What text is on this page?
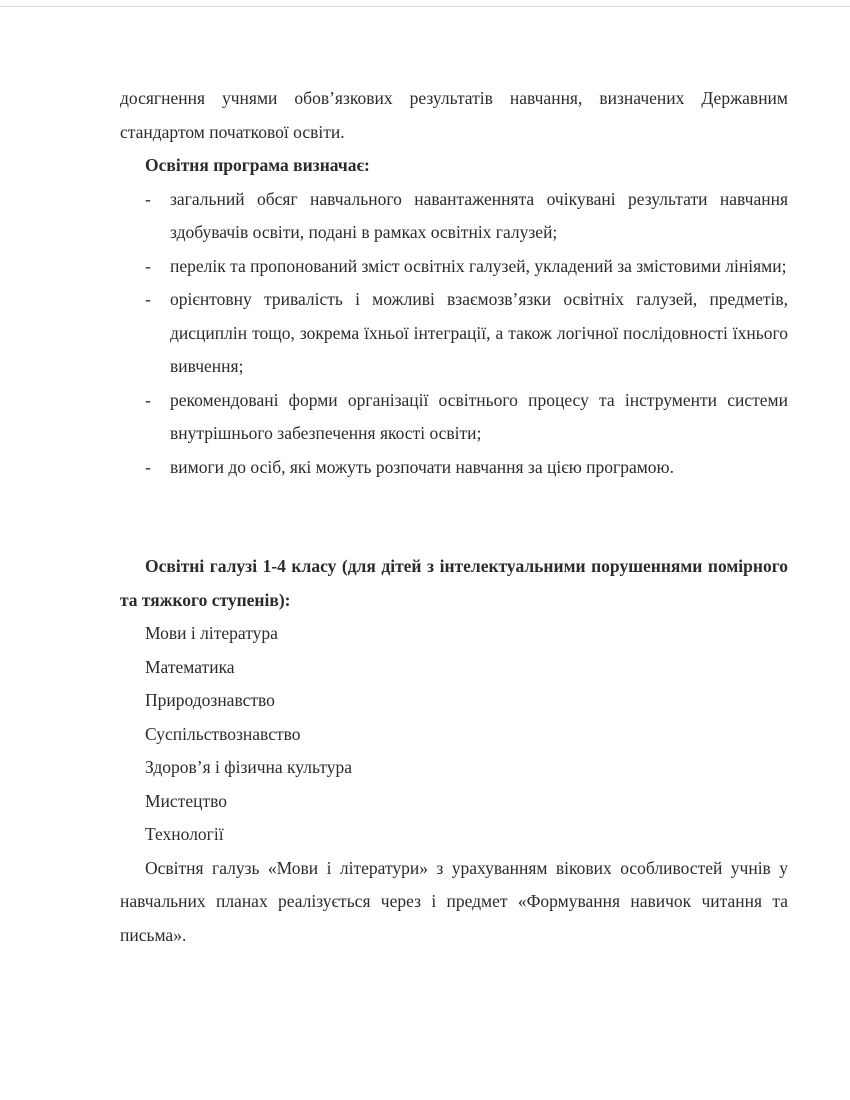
досягнення учнями обов’язкових результатів навчання, визначених Державним стандартом початкової освіти.

Освітня програма визначає:

- загальний обсяг навчального навантаженнята очікувані результати навчання здобувачів освіти, подані в рамках освітніх галузей;
- перелік та пропонований зміст освітніх галузей, укладений за змістовими лініями;
- орієнтовну тривалість і можливі взаємозв’язки освітніх галузей, предметів, дисциплін тощо, зокрема їхньої інтеграції, а також логічної послідовності їхнього вивчення;
- рекомендовані форми організації освітнього процесу та інструменти системи внутрішнього забезпечення якості освіти;
- вимоги до осіб, які можуть розпочати навчання за цією програмою.

Освітні галузі 1-4 класу (для дітей з інтелектуальними порушеннями помірного та тяжкого ступенів):

Мови і література
Математика
Природознавство
Суспільствознавство
Здоров’я і фізична культура
Мистецтво
Технології

Освітня галузь «Мови і літератури» з урахуванням вікових особливостей учнів у навчальних планах реалізується через і предмет «Формування навичок читання та письма».
